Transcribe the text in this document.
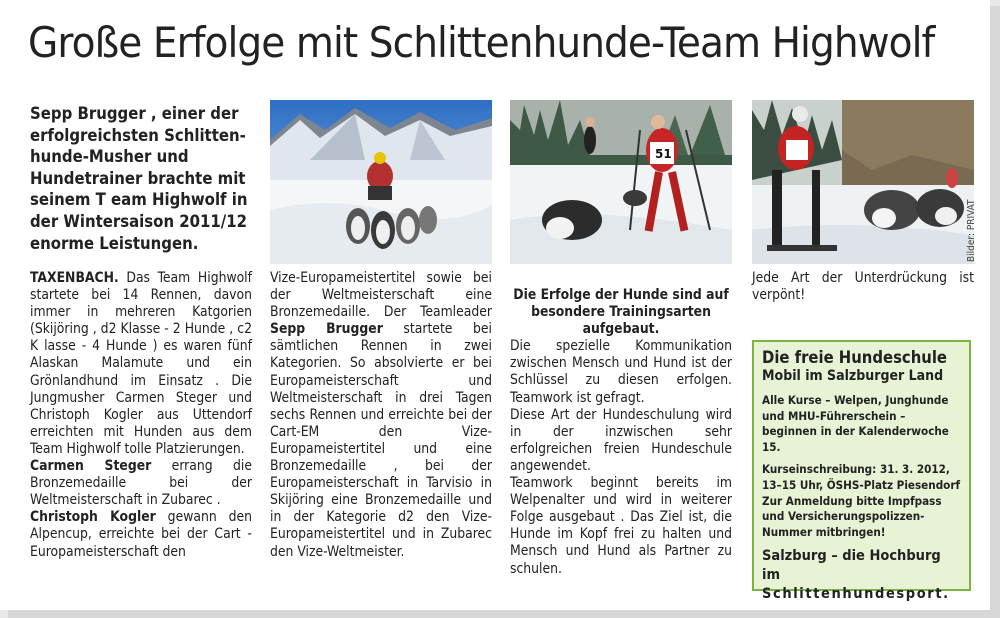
Große Erfolge mit Schlittenhunde-Team Highwolf
Sepp Brugger , einer der erfolgreichsten Schlittenhunde-Musher und Hundetrainer brachte mit seinem T eam Highwolf in der Wintersaison 2011/12 enorme Leistungen.
51
Bilder: PRIVAT

TAXENBACH. Das Team Highwolf startete bei 14 Rennen, davon immer in mehreren Katgorien (Skijöring , d2 Klasse - 2 Hunde , c2 K lasse - 4 Hunde ) es waren fünf Alaskan Malamute und ein Grönlandhund im Einsatz . Die Jungmusher Carmen Steger und Christoph Kogler aus Uttendorf erreichten mit Hunden aus dem Team Highwolf tolle Platzierungen.

Carmen Steger errang die Bronzemedaille bei der Weltmeisterschaft in Zubarec .

Christoph Kogler gewann den Alpencup, erreichte bei der Cart -Europameisterschaft den

Vize-Europameistertitel sowie bei der Weltmeisterschaft eine Bronzemedaille. Der Teamleader Sepp Brugger startete bei sämtlichen Rennen in zwei Kategorien. So absolvierte er bei Europameisterschaft und Weltmeisterschaft in drei Tagen sechs Rennen und erreichte bei der Cart-EM den Vize-Europameistertitel und eine Bronzemedaille , bei der Europameisterschaft in Tarvisio in Skijöring eine Bronzemedaille und in der Kategorie d2 den Vize-Europameistertitel und in Zubarec den Vize-Weltmeister.

Die Erfolge der Hunde sind auf besondere Trainingsarten aufgebaut.

Die spezielle Kommunikation zwischen Mensch und Hund ist der Schlüssel zu diesen erfolgen. Teamwork ist gefragt.

Diese Art der Hundeschulung wird in der inzwischen sehr erfolgreichen freien Hundeschule angewendet.

Teamwork beginnt bereits im Welpenalter und wird in weiterer Folge ausgebaut . Das Ziel ist, die Hunde im Kopf frei zu halten und Mensch und Hund als Partner zu schulen.

Jede Art der Unterdrückung ist verpönt!

Die freie Hundeschule
Mobil im Salzburger Land
Alle Kurse – Welpen, Junghunde und MHU-Führerschein – beginnen in der Kalenderwoche 15.
Kurseinschreibung: 31. 3. 2012, 13–15 Uhr, ÖSHS-Platz Piesendorf Zur Anmeldung bitte Impfpass und Versicherungspolizzen-Nummer mitbringen!
Salzburg – die Hochburg im
Schlittenhundesport.
